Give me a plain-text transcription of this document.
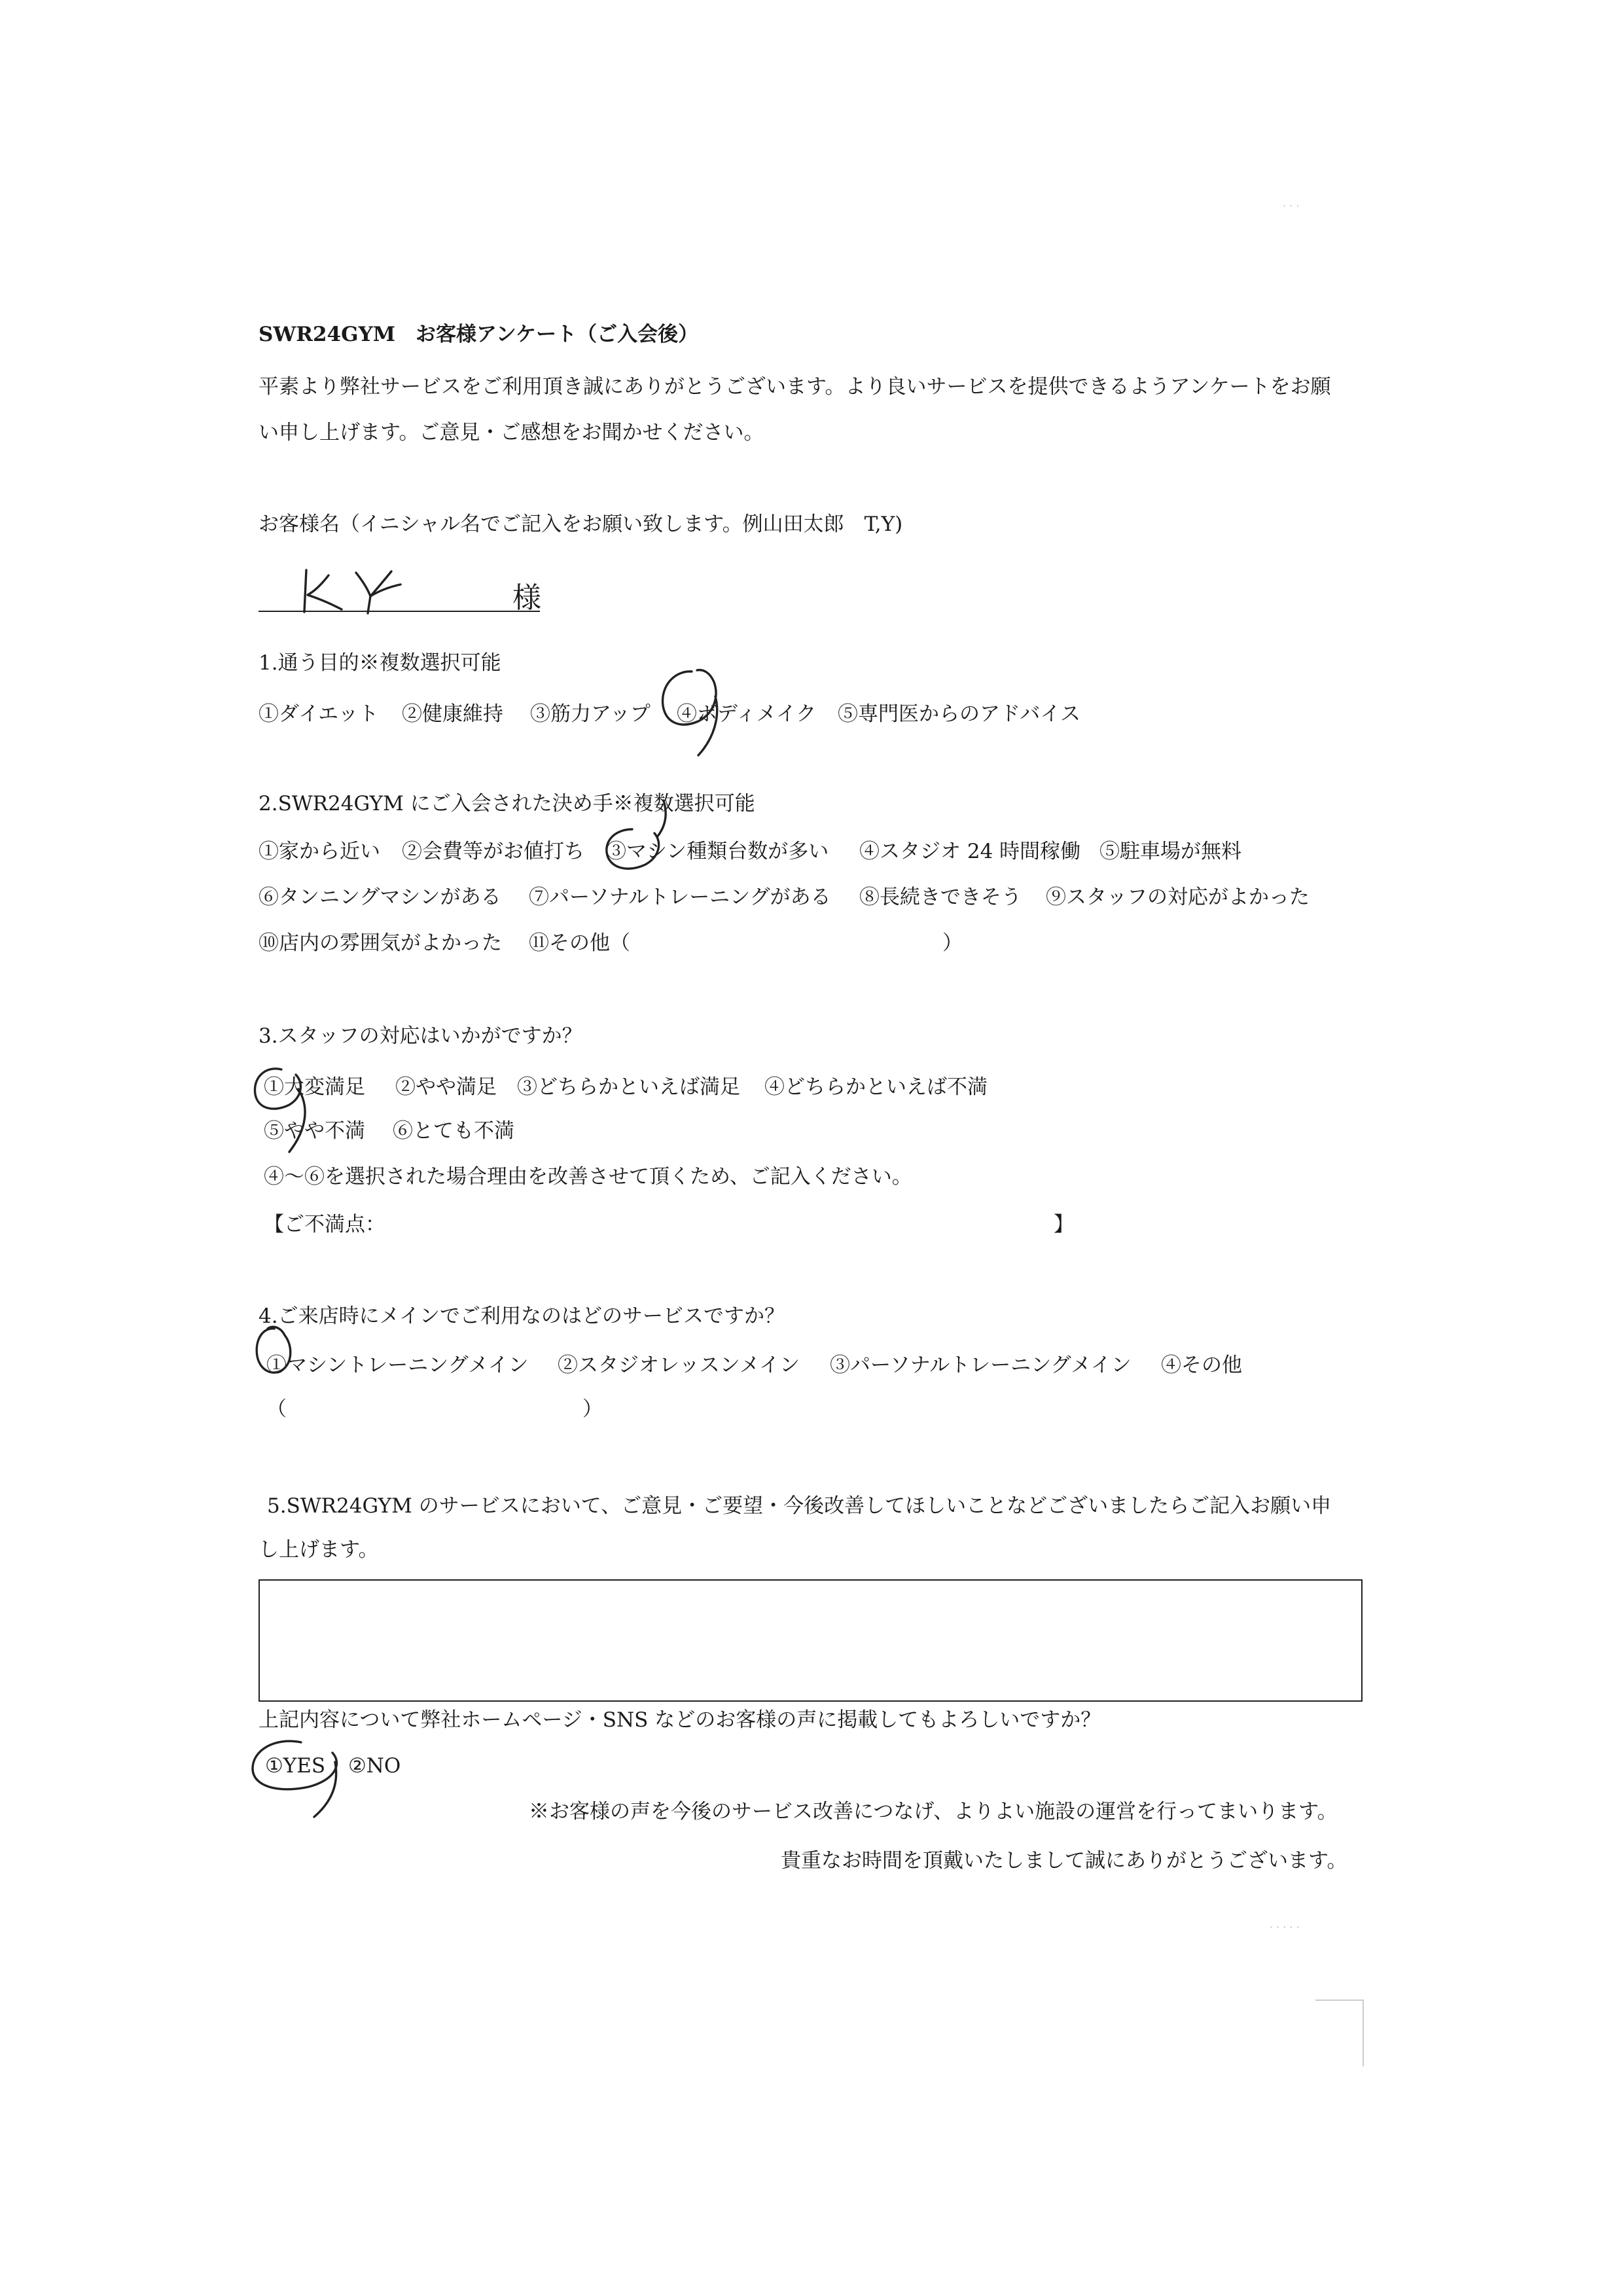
· · ·
· · · · ·
SWR24GYM　お客様アンケート（ご入会後）
平素より弊社サービスをご利用頂き誠にありがとうございます。より良いサービスを提供できるようアンケートをお願
い申し上げます。ご意見・ご感想をお聞かせください。
お客様名（イニシャル名でご記入をお願い致します。例山田太郎　T,Y)
様
1.通う目的※複数選択可能
①ダイエット ②健康維持 ③筋力アップ ④ボディメイク ⑤専門医からのアドバイス
2.SWR24GYM にご入会された決め手※複数選択可能
①家から近い ②会費等がお値打ち ③マシン種類台数が多い ④スタジオ 24 時間稼働 ⑤駐車場が無料
⑥タンニングマシンがある ⑦パーソナルトレーニングがある ⑧長続きできそう ⑨スタッフの対応がよかった
⑩店内の雰囲気がよかった ⑪その他（	）
3.スタッフの対応はいかがですか？
①大変満足 ②やや満足 ③どちらかといえば満足 ④どちらかといえば不満
⑤やや不満 ⑥とても不満
④～⑥を選択された場合理由を改善させて頂くため、ご記入ください。
【ご不満点：	】
4.ご来店時にメインでご利用なのはどのサービスですか？
①マシントレーニングメイン ②スタジオレッスンメイン ③パーソナルトレーニングメイン ④その他
（	）
5.SWR24GYM のサービスにおいて、ご意見・ご要望・今後改善してほしいことなどございましたらご記入お願い申
し上げます。
上記内容について弊社ホームページ・SNS などのお客様の声に掲載してもよろしいですか？
①YES ②NO
※お客様の声を今後のサービス改善につなげ、よりよい施設の運営を行ってまいります。
貴重なお時間を頂戴いたしまして誠にありがとうございます。
